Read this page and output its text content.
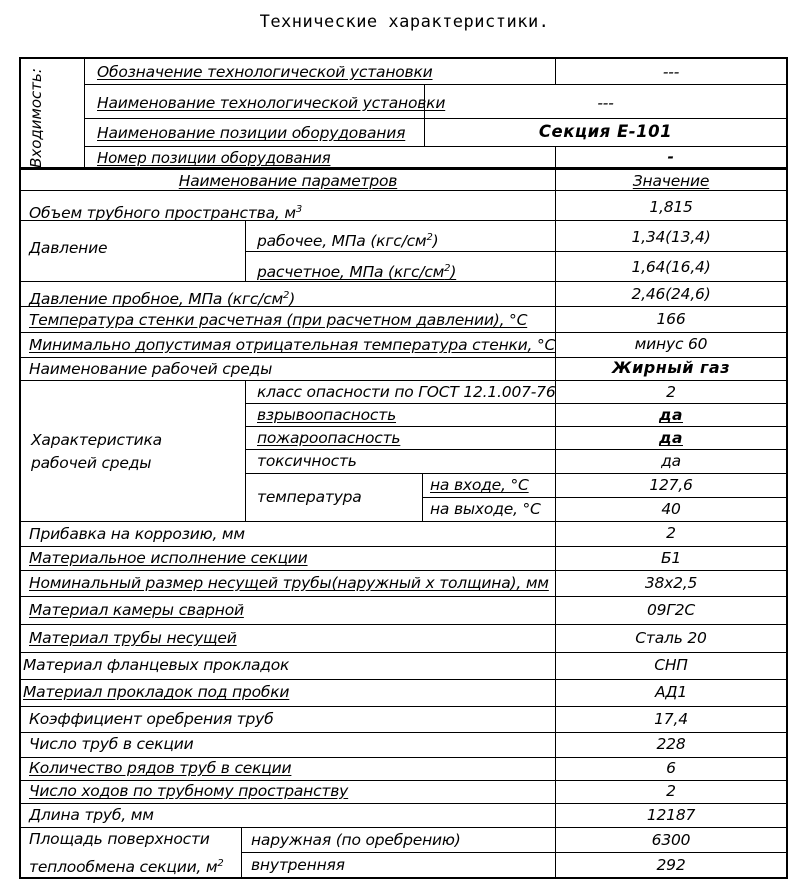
Технические характеристики.
Входимость:	Обозначение технологической установки	---
Наименование технологической установки	---
Наименование позиции оборудования	Секция Е-101
Номер позиции оборудования	-
Наименование параметров	Значение
Объем трубного пространства, $м^3$	1,815
Давление	рабочее, МПа $(кгс/см^2)$	1,34(13,4)
расчетное, МПа $(кгс/см^2)$	1,64(16,4)
Давление пробное, МПа $(кгс/см^2)$	2,46(24,6)
Температура стенки расчетная (при расчетном давлении), °С	166
Минимально допустимая отрицательная температура стенки, °С	минус 60
Наименование рабочей среды	Жирный газ
Характеристика
рабочей среды
класс опасности по ГОСТ 12.1.007-76	2
взрывоопасность	да
пожароопасность	да
токсичность	да
температура
на входе, °С	127,6
на выходе, °С	40
Прибавка на коррозию, мм	2
Материальное исполнение секции	Б1
Номинальный размер несущей трубы(наружный х толщина), мм	38х2,5
Материал камеры сварной	09Г2С
Материал трубы несущей	Сталь 20
Материал фланцевых прокладок	СНП
Материал прокладок под пробки	АД1
Коэффициент оребрения труб	17,4
Число труб в секции	228
Количество рядов труб в секции	6
Число ходов по трубному пространству	2
Длина труб, мм	12187
Площадь поверхности
теплообмена секции, $м^2$
наружная (по оребрению)	6300
внутренняя	292
